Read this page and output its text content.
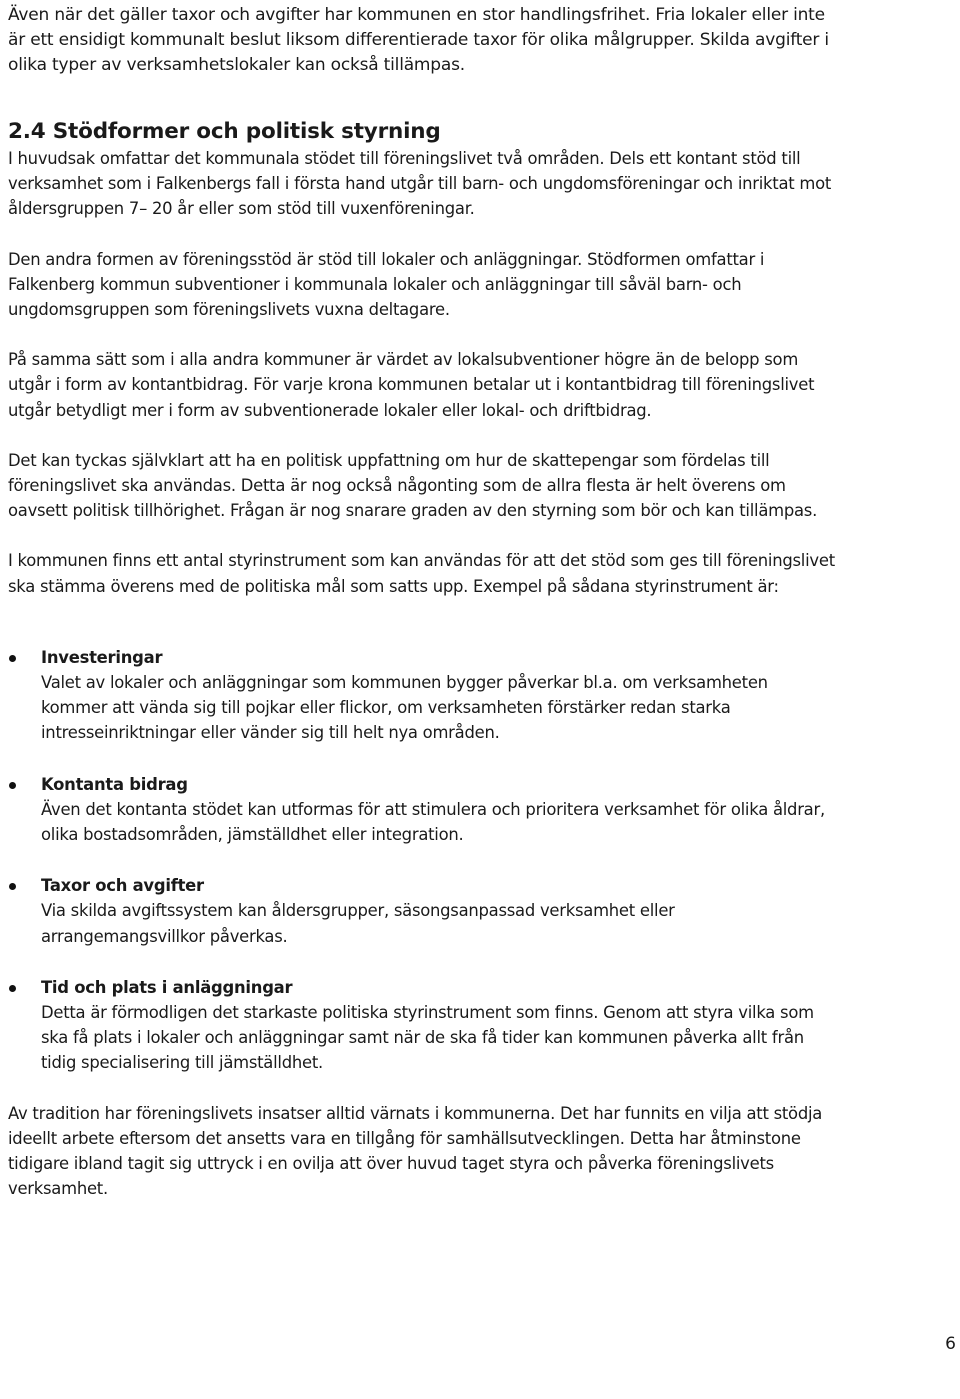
Även när det gäller taxor och avgifter har kommunen en stor handlingsfrihet. Fria lokaler eller inte är ett ensidigt kommunalt beslut liksom differentierade taxor för olika målgrupper. Skilda avgifter i olika typer av verksamhetslokaler kan också tillämpas.

2.4 Stödformer och politisk styrning

I huvudsak omfattar det kommunala stödet till föreningslivet två områden. Dels ett kontant stöd till verksamhet som i Falkenbergs fall i första hand utgår till barn- och ungdomsföreningar och inriktat mot åldersgruppen 7– 20 år eller som stöd till vuxenföreningar.

Den andra formen av föreningsstöd är stöd till lokaler och anläggningar. Stödformen omfattar i Falkenberg kommun subventioner i kommunala lokaler och anläggningar till såväl barn- och ungdomsgruppen som föreningslivets vuxna deltagare.

På samma sätt som i alla andra kommuner är värdet av lokalsubventioner högre än de belopp som utgår i form av kontantbidrag. För varje krona kommunen betalar ut i kontantbidrag till föreningslivet utgår betydligt mer i form av subventionerade lokaler eller lokal- och driftbidrag.

Det kan tyckas självklart att ha en politisk uppfattning om hur de skattepengar som fördelas till föreningslivet ska användas. Detta är nog också någonting som de allra flesta är helt överens om oavsett politisk tillhörighet. Frågan är nog snarare graden av den styrning som bör och kan tillämpas.

I kommunen finns ett antal styrinstrument som kan användas för att det stöd som ges till föreningslivet ska stämma överens med de politiska mål som satts upp. Exempel på sådana styrinstrument är:

Investeringar

Valet av lokaler och anläggningar som kommunen bygger påverkar bl.a. om verksamheten kommer att vända sig till pojkar eller flickor, om verksamheten förstärker redan starka intresseinriktningar eller vänder sig till helt nya områden.

Kontanta bidrag

Även det kontanta stödet kan utformas för att stimulera och prioritera verksamhet för olika åldrar, olika bostadsområden, jämställdhet eller integration.

Taxor och avgifter

Via skilda avgiftssystem kan åldersgrupper, säsongsanpassad verksamhet eller arrangemangsvillkor påverkas.

Tid och plats i anläggningar

Detta är förmodligen det starkaste politiska styrinstrument som finns. Genom att styra vilka som ska få plats i lokaler och anläggningar samt när de ska få tider kan kommunen påverka allt från tidig specialisering till jämställdhet.

Av tradition har föreningslivets insatser alltid värnats i kommunerna. Det har funnits en vilja att stödja ideellt arbete eftersom det ansetts vara en tillgång för samhällsutvecklingen. Detta har åtminstone tidigare ibland tagit sig uttryck i en ovilja att över huvud taget styra och påverka föreningslivets verksamhet.

6
